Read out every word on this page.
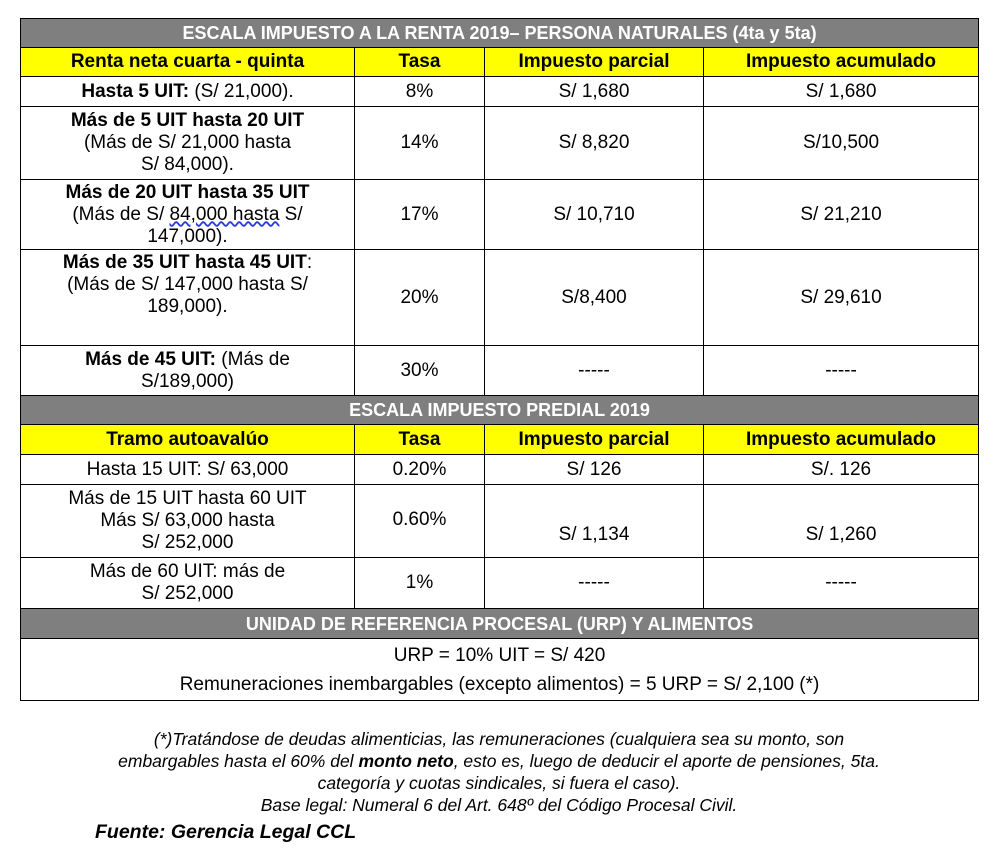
ESCALA IMPUESTO A LA RENTA 2019– PERSONA NATURALES (4ta y 5ta)			
Renta neta cuarta - quinta	Tasa	Impuesto parcial	Impuesto acumulado
Hasta 5 UIT: (S/ 21,000).	8%	S/ 1,680	S/ 1,680
Más de 5 UIT hasta 20 UIT
(Más de S/ 21,000 hasta
S/ 84,000).	14%	S/ 8,820	S/10,500
Más de 20 UIT hasta 35 UIT
(Más de S/ 84,000 hasta S/
147,000).	17%	S/ 10,710	S/ 21,210
Más de 35 UIT hasta 45 UIT:
(Más de S/ 147,000 hasta S/
189,000).	20%	S/8,400	S/ 29,610
Más de 45 UIT: (Más de
S/189,000)	30%	-----	-----
ESCALA IMPUESTO PREDIAL 2019			
Tramo autoavalúo	Tasa	Impuesto parcial	Impuesto acumulado
Hasta 15 UIT: S/ 63,000	0.20%	S/ 126	S/. 126
Más de 15 UIT hasta 60 UIT
Más S/ 63,000 hasta
S/ 252,000	0.60%	S/ 1,134	S/ 1,260
Más de 60 UIT: más de
S/ 252,000	1%	-----	-----
UNIDAD DE REFERENCIA PROCESAL (URP) Y ALIMENTOS			
URP = 10% UIT = S/ 420
Remuneraciones inembargables (excepto alimentos) = 5 URP = S/ 2,100 (*)			
(*)Tratándose de deudas alimenticias, las remuneraciones (cualquiera sea su monto, son
embargables hasta el 60% del monto neto, esto es, luego de deducir el aporte de pensiones, 5ta.
categoría y cuotas sindicales, si fuera el caso).
Base legal: Numeral 6 del Art. 648º del Código Procesal Civil.
Fuente: Gerencia Legal CCL
